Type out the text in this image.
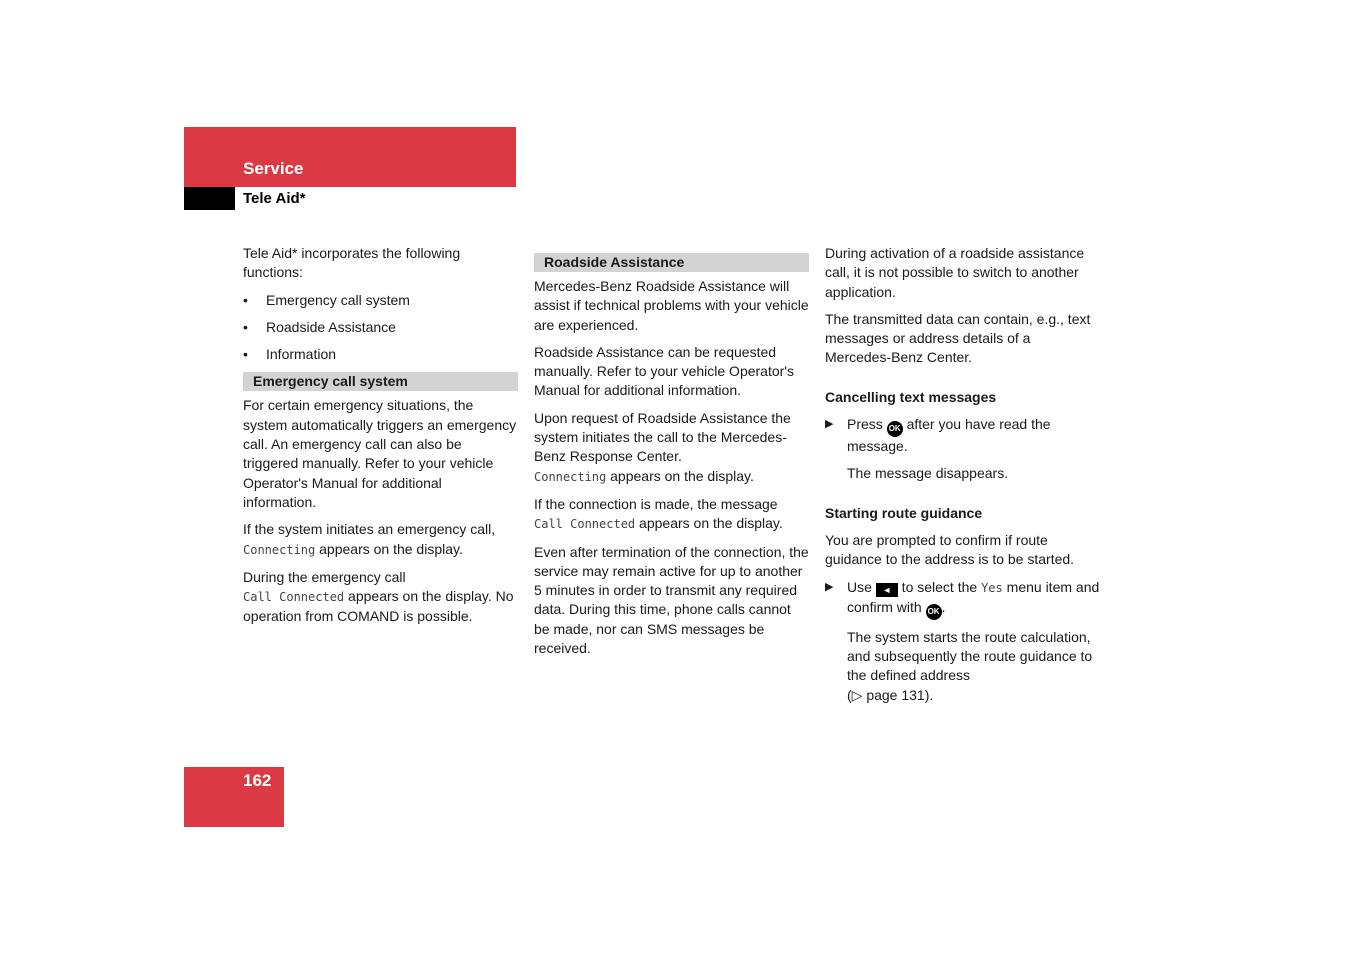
Service
Tele Aid*

Tele Aid* incorporates the following functions:

• Emergency call system
• Roadside Assistance
• Information
Emergency call system

For certain emergency situations, the system automatically triggers an emergency call. An emergency call can also be triggered manually. Refer to your vehicle Operator's Manual for additional information.

If the system initiates an emergency call,
Connecting appears on the display.

During the emergency call
Call Connected appears on the display. No operation from COMAND is possible.

Roadside Assistance

Mercedes-Benz Roadside Assistance will assist if technical problems with your vehicle are experienced.

Roadside Assistance can be requested manually. Refer to your vehicle Operator's Manual for additional information.

Upon request of Roadside Assistance the system initiates the call to the Mercedes-Benz Response Center.
Connecting appears on the display.

If the connection is made, the message
Call Connected appears on the display.

Even after termination of the connection, the service may remain active for up to another 5 minutes in order to transmit any required data. During this time, phone calls cannot be made, nor can SMS messages be received.

During activation of a roadside assistance call, it is not possible to switch to another application.

The transmitted data can contain, e.g., text messages or address details of a Mercedes-Benz Center.

Cancelling text messages
▶ Press OK after you have read the message.
The message disappears.
Starting route guidance

You are prompted to confirm if route guidance to the address is to be started.

▶ Use ◄ to select the Yes menu item and confirm with OK .
The system starts the route calculation, and subsequently the route guidance to the defined address
(▷ page 131).
162
